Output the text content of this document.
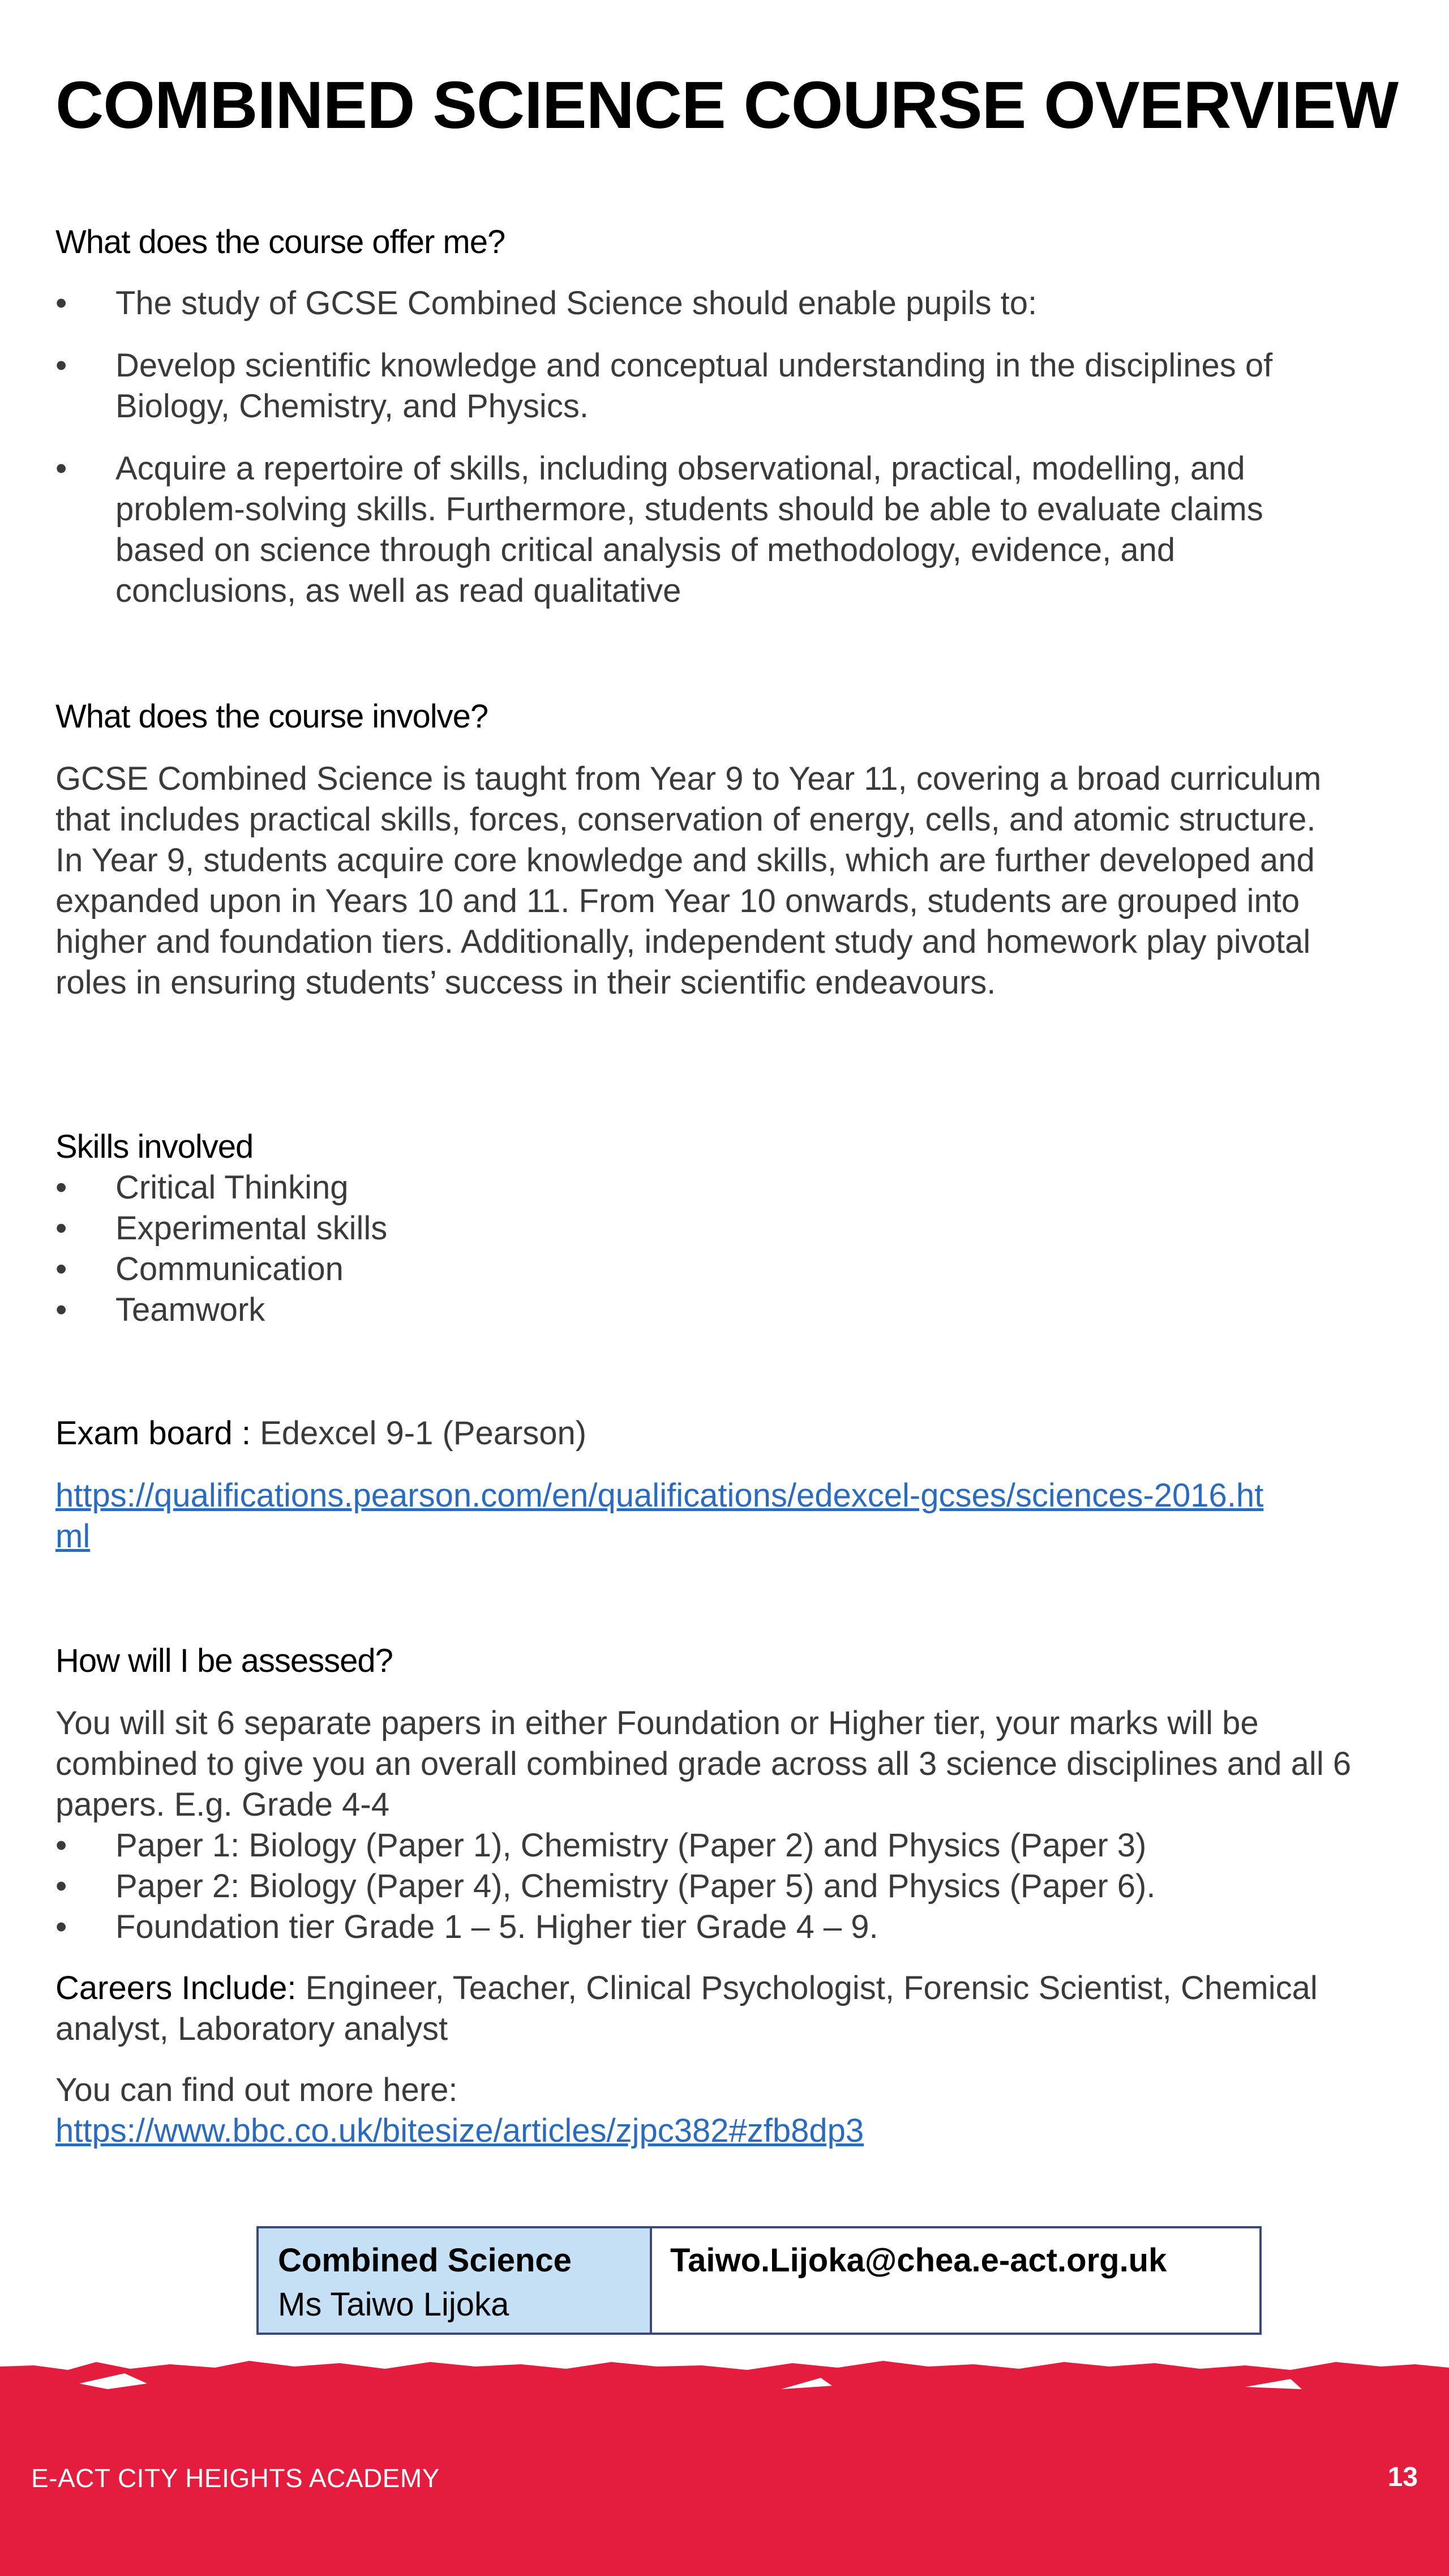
COMBINED SCIENCE COURSE OVERVIEW

What does the course offer me?

• The study of GCSE Combined Science should enable pupils to:
• Develop scientific knowledge and conceptual understanding in the disciplines of Biology, Chemistry, and Physics.
• Acquire a repertoire of skills, including observational, practical, modelling, and problem-solving skills. Furthermore, students should be able to evaluate claims based on science through critical analysis of methodology, evidence, and conclusions, as well as read qualitative

What does the course involve?

GCSE Combined Science is taught from Year 9 to Year 11, covering a broad curriculum that includes practical skills, forces, conservation of energy, cells, and atomic structure. In Year 9, students acquire core knowledge and skills, which are further developed and expanded upon in Years 10 and 11. From Year 10 onwards, students are grouped into higher and foundation tiers. Additionally, independent study and homework play pivotal roles in ensuring students’ success in their scientific endeavours.

Skills involved

• Critical Thinking
• Experimental skills
• Communication
• Teamwork

Exam board : Edexcel 9-1 (Pearson)

https://qualifications.pearson.com/en/qualifications/edexcel-gcses/sciences-2016.html

How will I be assessed?

You will sit 6 separate papers in either Foundation or Higher tier, your marks will be combined to give you an overall combined grade across all 3 science disciplines and all 6 papers. E.g. Grade 4-4

• Paper 1: Biology (Paper 1), Chemistry (Paper 2) and Physics (Paper 3)
• Paper 2: Biology (Paper 4), Chemistry (Paper 5) and Physics (Paper 6).
• Foundation tier Grade 1 – 5. Higher tier Grade 4 – 9.

Careers Include: Engineer, Teacher, Clinical Psychologist, Forensic Scientist, Chemical analyst, Laboratory analyst

You can find out more here:

https://www.bbc.co.uk/bitesize/articles/zjpc382#zfb8dp3
Combined Science
Ms Taiwo Lijoka
Taiwo.Lijoka@chea.e-act.org.uk
E-ACT CITY HEIGHTS ACADEMY	13
